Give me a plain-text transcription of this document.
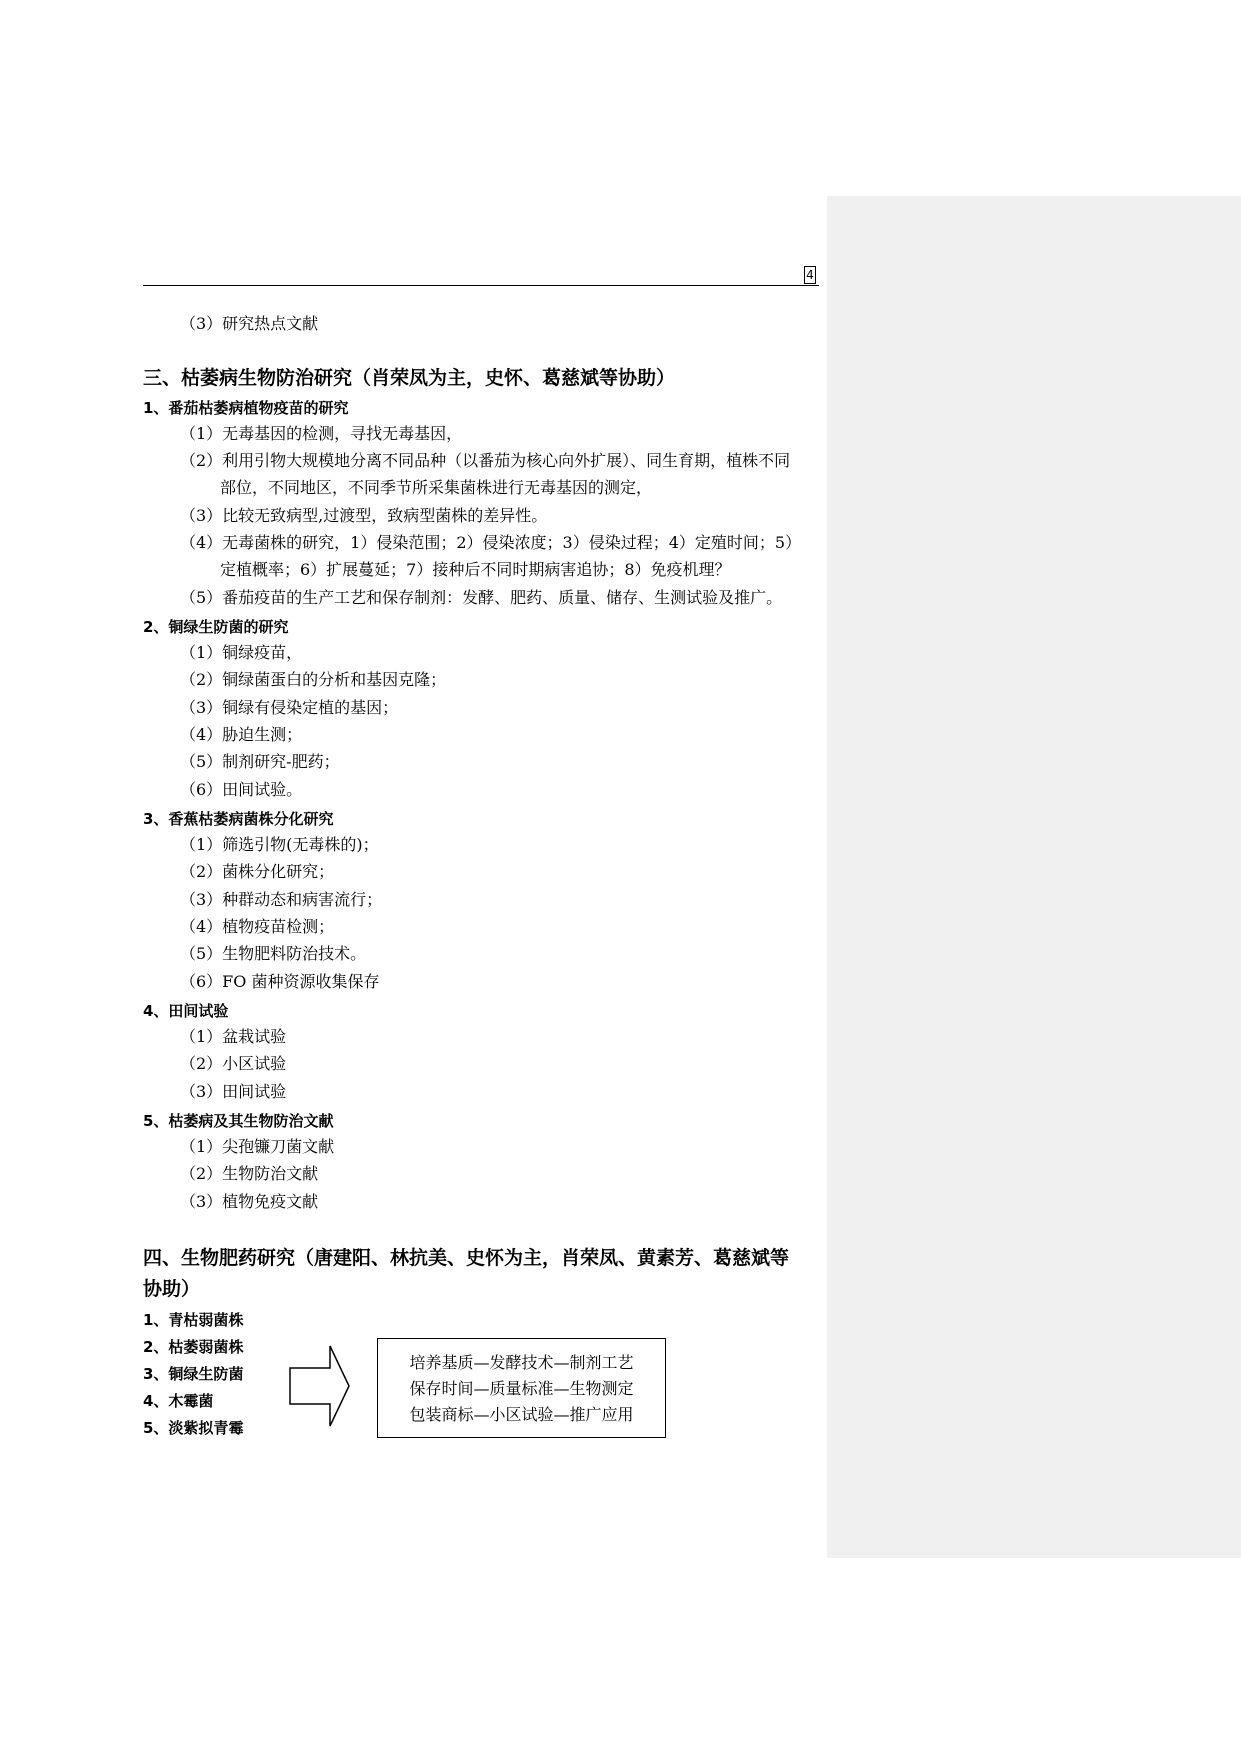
4
（3）研究热点文献
三、枯萎病生物防治研究（肖荣凤为主，史怀、葛慈斌等协助）
1、番茄枯萎病植物疫苗的研究
（1）无毒基因的检测，寻找无毒基因，
（2）利用引物大规模地分离不同品种（以番茄为核心向外扩展）、同生育期，植株不同
部位，不同地区，不同季节所采集菌株进行无毒基因的测定，
（3）比较无致病型,过渡型，致病型菌株的差异性。
（4）无毒菌株的研究，1）侵染范围；2）侵染浓度；3）侵染过程；4）定殖时间；5）
定植概率；6）扩展蔓延；7）接种后不同时期病害追协；8）免疫机理？
（5）番茄疫苗的生产工艺和保存制剂：发酵、肥药、质量、储存、生测试验及推广。
2、铜绿生防菌的研究
（1）铜绿疫苗，
（2）铜绿菌蛋白的分析和基因克隆；
（3）铜绿有侵染定植的基因；
（4）胁迫生测；
（5）制剂研究-肥药；
（6）田间试验。
3、香蕉枯萎病菌株分化研究
（1）筛选引物(无毒株的)；
（2）菌株分化研究；
（3）种群动态和病害流行；
（4）植物疫苗检测；
（5）生物肥料防治技术。
（6）FO 菌种资源收集保存
4、田间试验
（1）盆栽试验
（2）小区试验
（3）田间试验
5、枯萎病及其生物防治文献
（1）尖孢镰刀菌文献
（2）生物防治文献
（3）植物免疫文献
四、生物肥药研究（唐建阳、林抗美、史怀为主，肖荣凤、黄素芳、葛慈斌等
协助）
1、青枯弱菌株
2、枯萎弱菌株
3、铜绿生防菌
4、木霉菌
5、淡紫拟青霉
培养基质—发酵技术—制剂工艺
保存时间—质量标准—生物测定
包装商标—小区试验—推广应用
